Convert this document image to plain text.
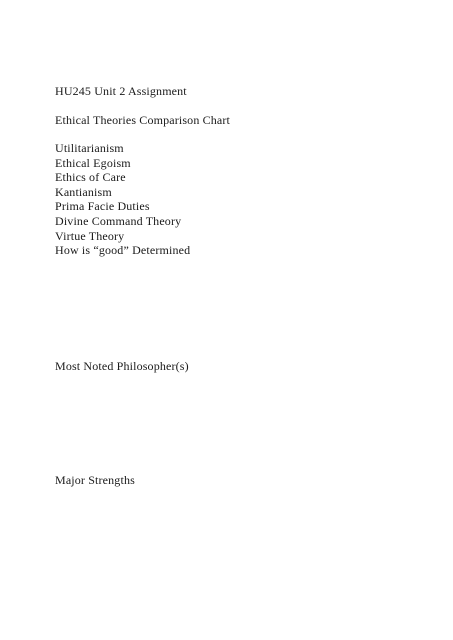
HU245 Unit 2 Assignment
Ethical Theories Comparison Chart
Utilitarianism
Ethical Egoism
Ethics of Care
Kantianism
Prima Facie Duties
Divine Command Theory
Virtue Theory
How is “good” Determined
Most Noted Philosopher(s)
Major Strengths
